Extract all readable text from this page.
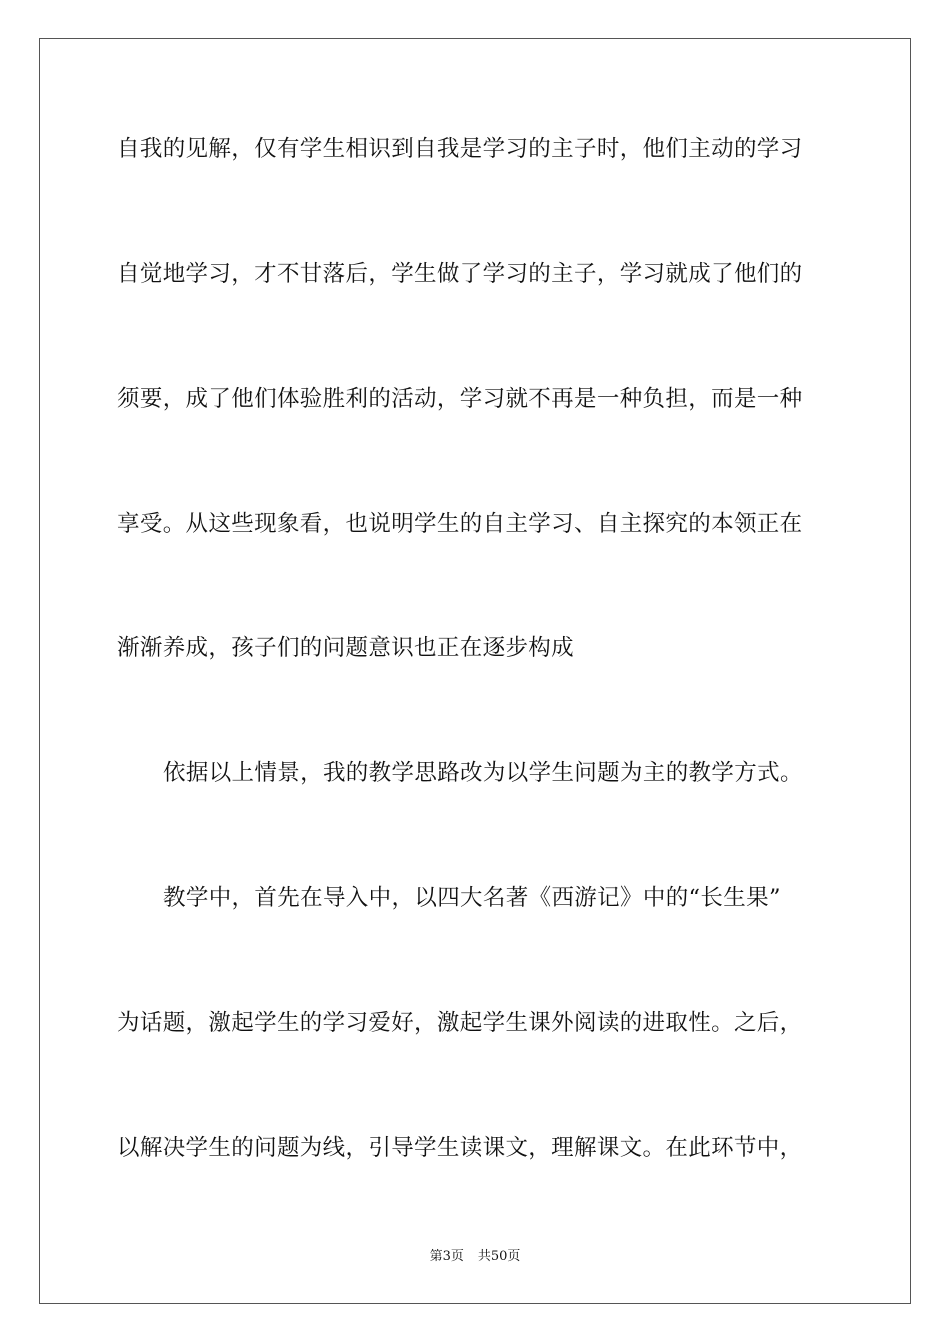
自我的见解，仅有学生相识到自我是学习的主子时，他们主动的学习
自觉地学习，才不甘落后，学生做了学习的主子，学习就成了他们的
须要，成了他们体验胜利的活动，学习就不再是一种负担，而是一种
享受。从这些现象看，也说明学生的自主学习、自主探究的本领正在
渐渐养成，孩子们的问题意识也正在逐步构成
依据以上情景，我的教学思路改为以学生问题为主的教学方式。
教学中，首先在导入中，以四大名著《西游记》中的“长生果”
为话题，激起学生的学习爱好，激起学生课外阅读的进取性。之后，
以解决学生的问题为线，引导学生读课文，理解课文。在此环节中，
第3页 共50页
